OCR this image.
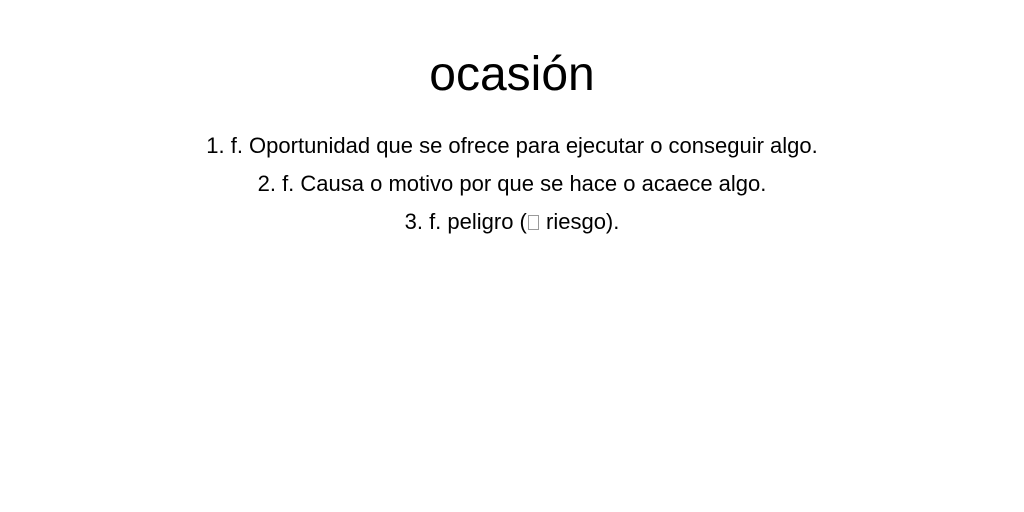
ocasión
1. f. Oportunidad que se ofrece para ejecutar o conseguir algo.
2. f. Causa o motivo por que se hace o acaece algo.
3. f. peligro ( riesgo).
